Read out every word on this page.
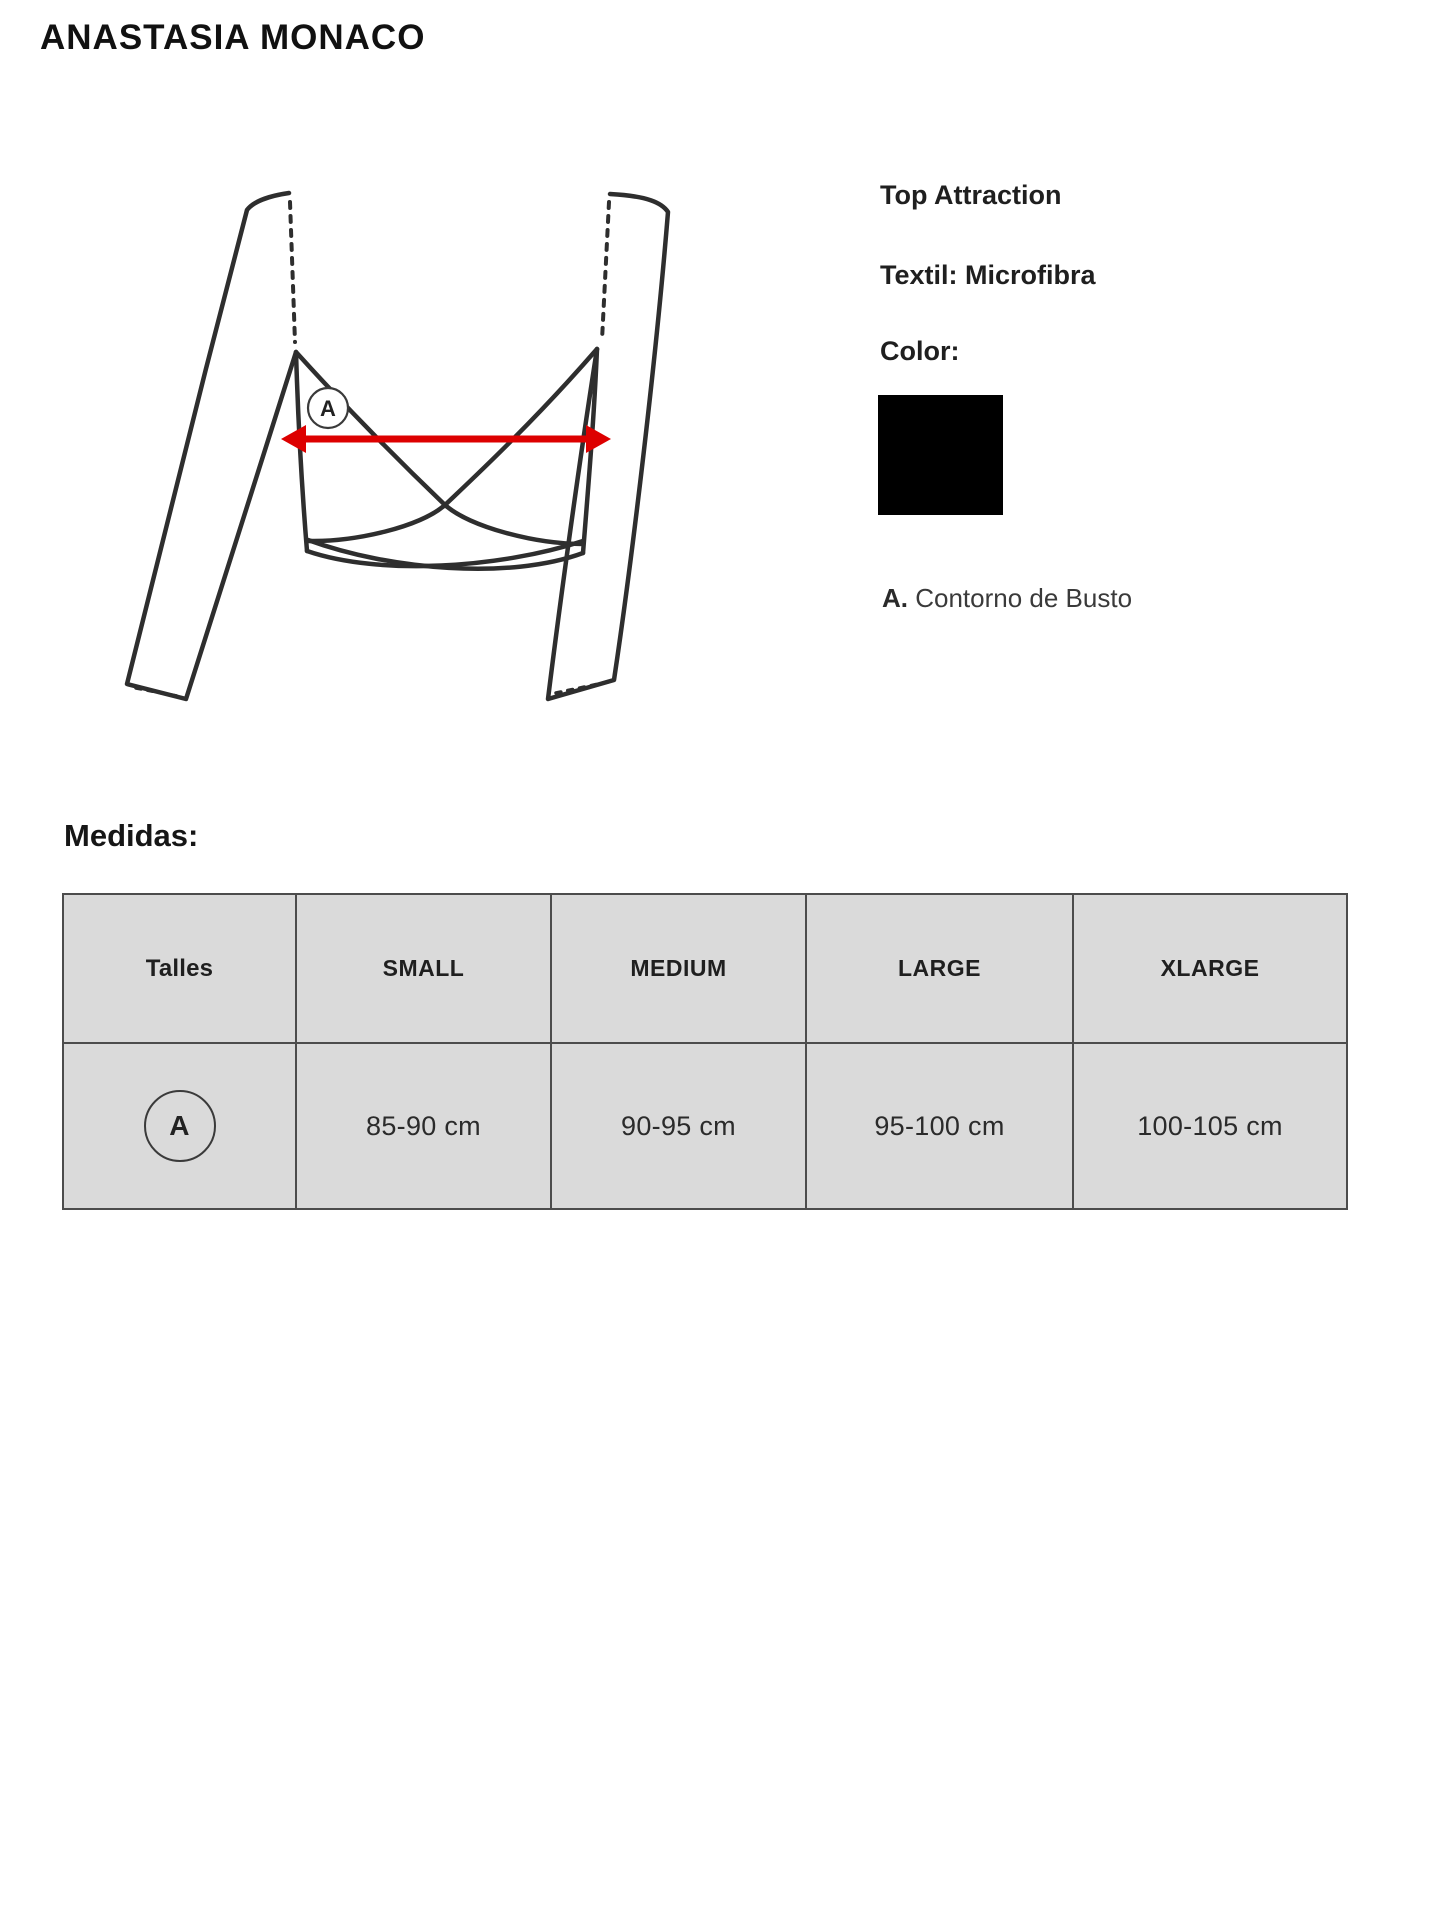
ANASTASIA MONACO
A
Top Attraction
Textil: Microfibra
Color:
A. Contorno de Busto
Medidas:
Talles	SMALL	MEDIUM	LARGE	XLARGE

A	85-90 cm	90-95 cm	95-100 cm	100-105 cm
